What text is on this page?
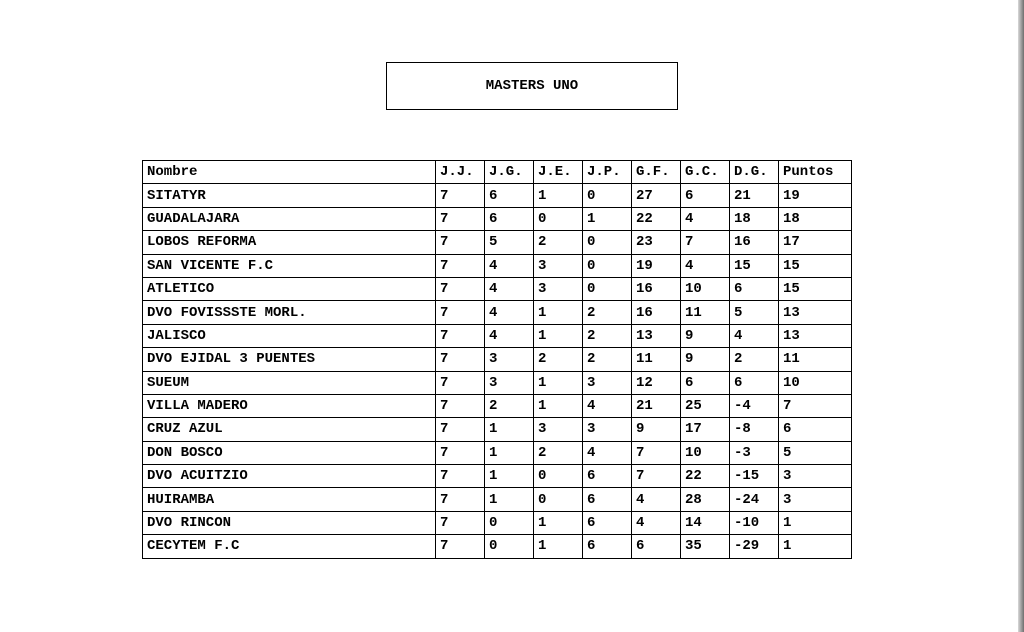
MASTERS UNO
Nombre	J.J.	J.G.	J.E.	J.P.	G.F.	G.C.	D.G.	Puntos
SITATYR	7	6	1	0	27	6	21	19
GUADALAJARA	7	6	0	1	22	4	18	18
LOBOS REFORMA	7	5	2	0	23	7	16	17
SAN VICENTE F.C	7	4	3	0	19	4	15	15
ATLETICO	7	4	3	0	16	10	6	15
DVO FOVISSSTE MORL.	7	4	1	2	16	11	5	13
JALISCO	7	4	1	2	13	9	4	13
DVO EJIDAL 3 PUENTES	7	3	2	2	11	9	2	11
SUEUM	7	3	1	3	12	6	6	10
VILLA MADERO	7	2	1	4	21	25	-4	7
CRUZ AZUL	7	1	3	3	9	17	-8	6
DON BOSCO	7	1	2	4	7	10	-3	5
DVO ACUITZIO	7	1	0	6	7	22	-15	3
HUIRAMBA	7	1	0	6	4	28	-24	3
DVO RINCON	7	0	1	6	4	14	-10	1
CECYTEM F.C	7	0	1	6	6	35	-29	1
